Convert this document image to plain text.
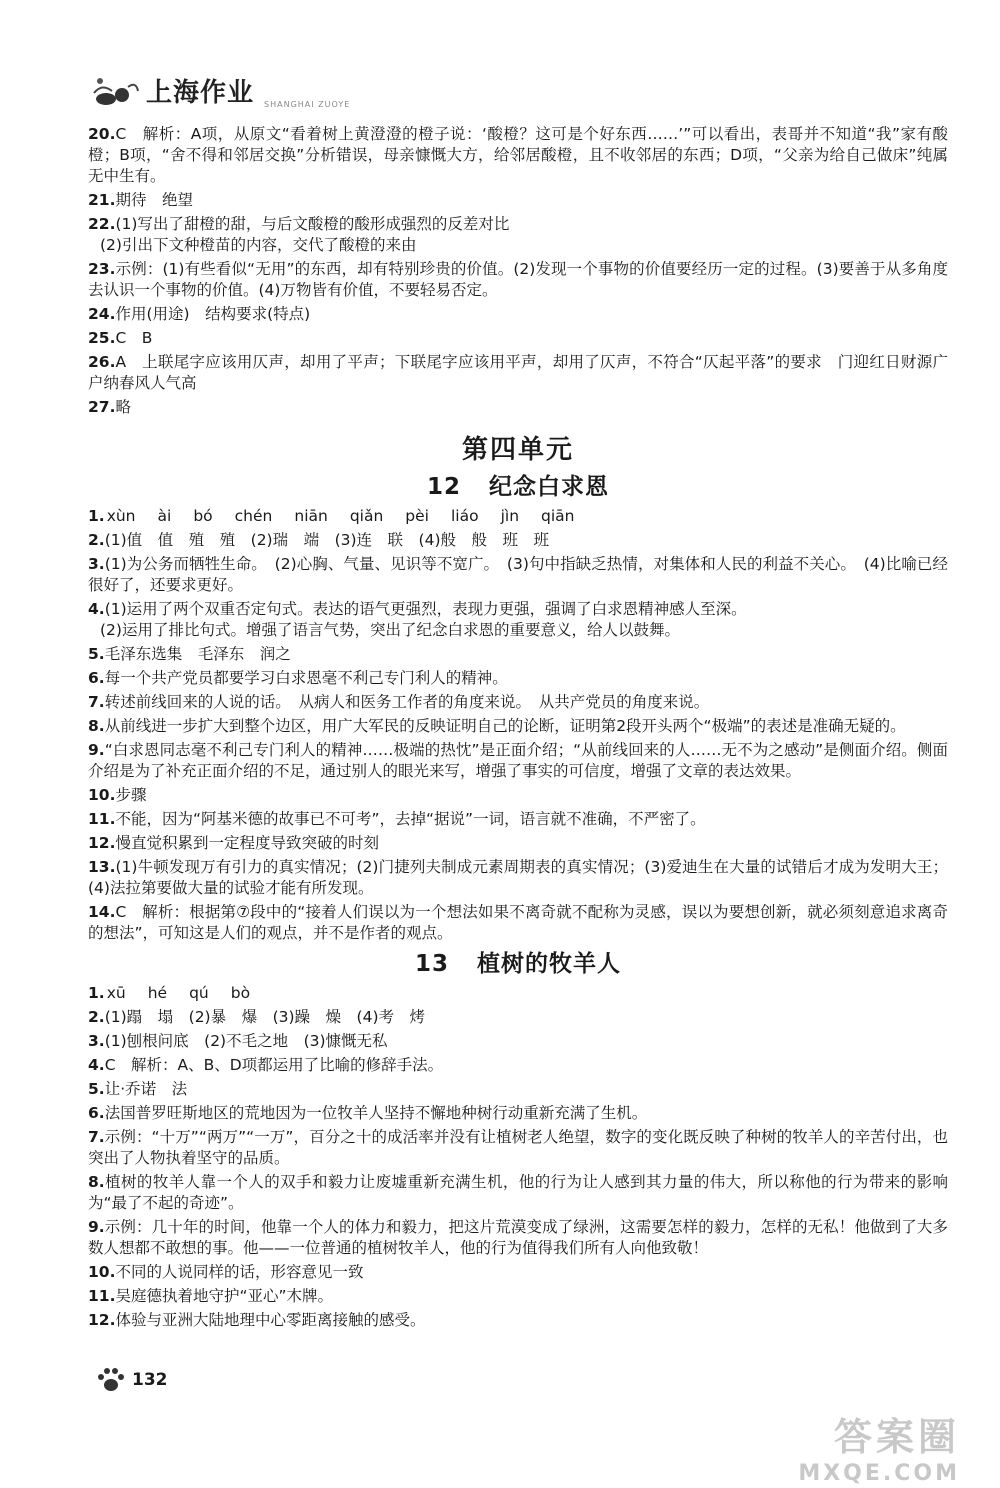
上海作业 SHANGHAI ZUOYE
20.C　解析：A项，从原文“看着树上黄澄澄的橙子说：‘酸橙？这可是个好东西……’”可以看出，表哥并不知道“我”家有酸橙；B项，“舍不得和邻居交换”分析错误，母亲慷慨大方，给邻居酸橙，且不收邻居的东西；D项，“父亲为给自己做床”纯属无中生有。
21.期待　绝望
22.(1)写出了甜橙的甜，与后文酸橙的酸形成强烈的反差对比
(2)引出下文种橙苗的内容，交代了酸橙的来由
23.示例：(1)有些看似“无用”的东西，却有特别珍贵的价值。(2)发现一个事物的价值要经历一定的过程。(3)要善于从多角度去认识一个事物的价值。(4)万物皆有价值，不要轻易否定。
24.作用(用途)　结构要求(特点)
25.C　B
26.A　上联尾字应该用仄声，却用了平声；下联尾字应该用平声，却用了仄声，不符合“仄起平落”的要求　门迎红日财源广　户纳春风人气高
27.略
第四单元
12 纪念白求恩
1. xùn ài bó chén niān qiǎn pèi liáo jìn qiān
2.(1)值　值　殖　殖　(2)瑞　端　(3)连　联　(4)般　般　班　班
3.(1)为公务而牺牲生命。　(2)心胸、气量、见识等不宽广。　(3)句中指缺乏热情，对集体和人民的利益不关心。　(4)比喻已经很好了，还要求更好。
4.(1)运用了两个双重否定句式。表达的语气更强烈，表现力更强，强调了白求恩精神感人至深。
(2)运用了排比句式。增强了语言气势，突出了纪念白求恩的重要意义，给人以鼓舞。
5.毛泽东选集　毛泽东　润之
6.每一个共产党员都要学习白求恩毫不利己专门利人的精神。
7.转述前线回来的人说的话。　从病人和医务工作者的角度来说。　从共产党员的角度来说。
8.从前线进一步扩大到整个边区，用广大军民的反映证明自己的论断，证明第2段开头两个“极端”的表述是准确无疑的。
9.“白求恩同志毫不利己专门利人的精神……极端的热忱”是正面介绍；“从前线回来的人……无不为之感动”是侧面介绍。侧面介绍是为了补充正面介绍的不足，通过别人的眼光来写，增强了事实的可信度，增强了文章的表达效果。
10.步骤
11.不能，因为“阿基米德的故事已不可考”，去掉“据说”一词，语言就不准确，不严密了。
12.慢直觉积累到一定程度导致突破的时刻
13.(1)牛顿发现万有引力的真实情况；(2)门捷列夫制成元素周期表的真实情况；(3)爱迪生在大量的试错后才成为发明大王；(4)法拉第要做大量的试验才能有所发现。
14.C　解析：根据第⑦段中的“接着人们误以为一个想法如果不离奇就不配称为灵感，误以为要想创新，就必须刻意追求离奇的想法”，可知这是人们的观点，并不是作者的观点。
13 植树的牧羊人
1. xū hé qú bò
2.(1)蹋　塌　(2)暴　爆　(3)躁　燥　(4)考　烤
3.(1)刨根问底　(2)不毛之地　(3)慷慨无私
4.C　解析：A、B、D项都运用了比喻的修辞手法。
5.让·乔诺　法
6.法国普罗旺斯地区的荒地因为一位牧羊人坚持不懈地种树行动重新充满了生机。
7.示例：“十万”“两万”“一万”，百分之十的成活率并没有让植树老人绝望，数字的变化既反映了种树的牧羊人的辛苦付出，也突出了人物执着坚守的品质。
8.植树的牧羊人靠一个人的双手和毅力让废墟重新充满生机，他的行为让人感到其力量的伟大，所以称他的行为带来的影响为“最了不起的奇迹”。
9.示例：几十年的时间，他靠一个人的体力和毅力，把这片荒漠变成了绿洲，这需要怎样的毅力，怎样的无私！他做到了大多数人想都不敢想的事。他——一位普通的植树牧羊人，他的行为值得我们所有人向他致敬！
10.不同的人说同样的话，形容意见一致
11.吴庭德执着地守护“亚心”木牌。
12.体验与亚洲大陆地理中心零距离接触的感受。
132
答案圈
MXQE.COM
